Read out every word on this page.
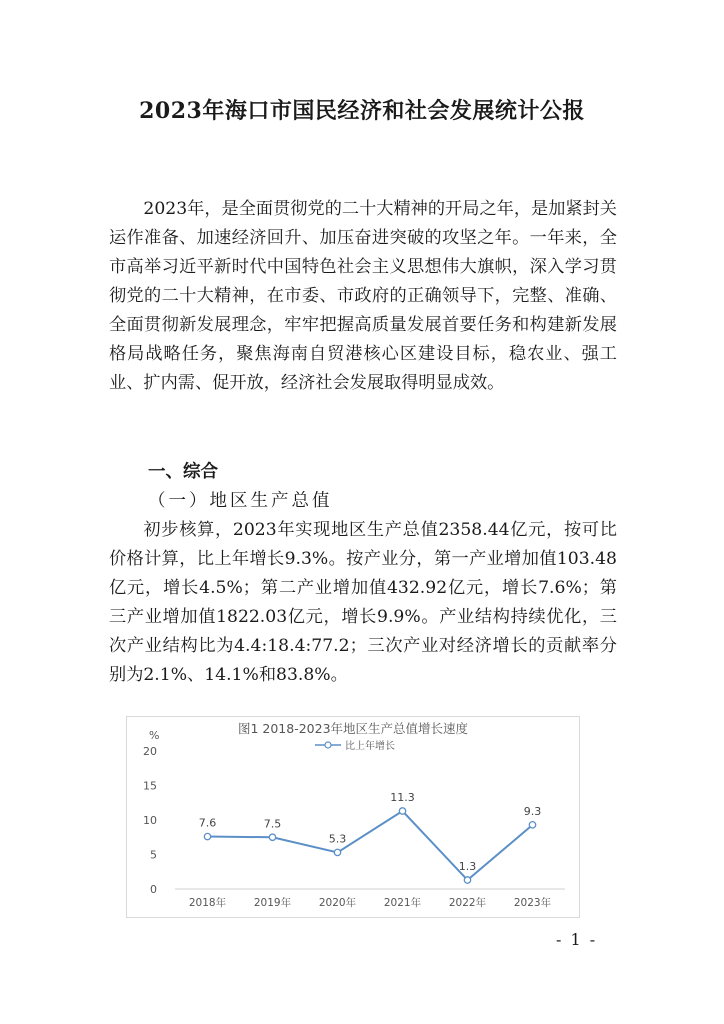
2023年海口市国民经济和社会发展统计公报

2023年，是全面贯彻党的二十大精神的开局之年，是加紧封关运作准备、加速经济回升、加压奋进突破的攻坚之年。一年来，全市高举习近平新时代中国特色社会主义思想伟大旗帜，深入学习贯彻党的二十大精神，在市委、市政府的正确领导下，完整、准确、全面贯彻新发展理念，牢牢把握高质量发展首要任务和构建新发展格局战略任务，聚焦海南自贸港核心区建设目标，稳农业、强工业、扩内需、促开放，经济社会发展取得明显成效。

一、综合
（一）地区生产总值

初步核算，2023年实现地区生产总值2358.44亿元，按可比价格计算，比上年增长9.3%。按产业分，第一产业增加值103.48亿元，增长4.5%；第二产业增加值432.92亿元，增长7.6%；第三产业增加值1822.03亿元，增长9.9%。产业结构持续优化，三次产业结构比为4.4:18.4:77.2；三次产业对经济增长的贡献率分别为2.1%、14.1%和83.8%。

图1 2018-2023年地区生产总值增长速度
%
比上年增长
0
5
10
15
20
2018年	2019年	2020年	2021年	2022年	2023年
7.6	7.5
5.3
11.3
1.3
9.3
- 1 -
